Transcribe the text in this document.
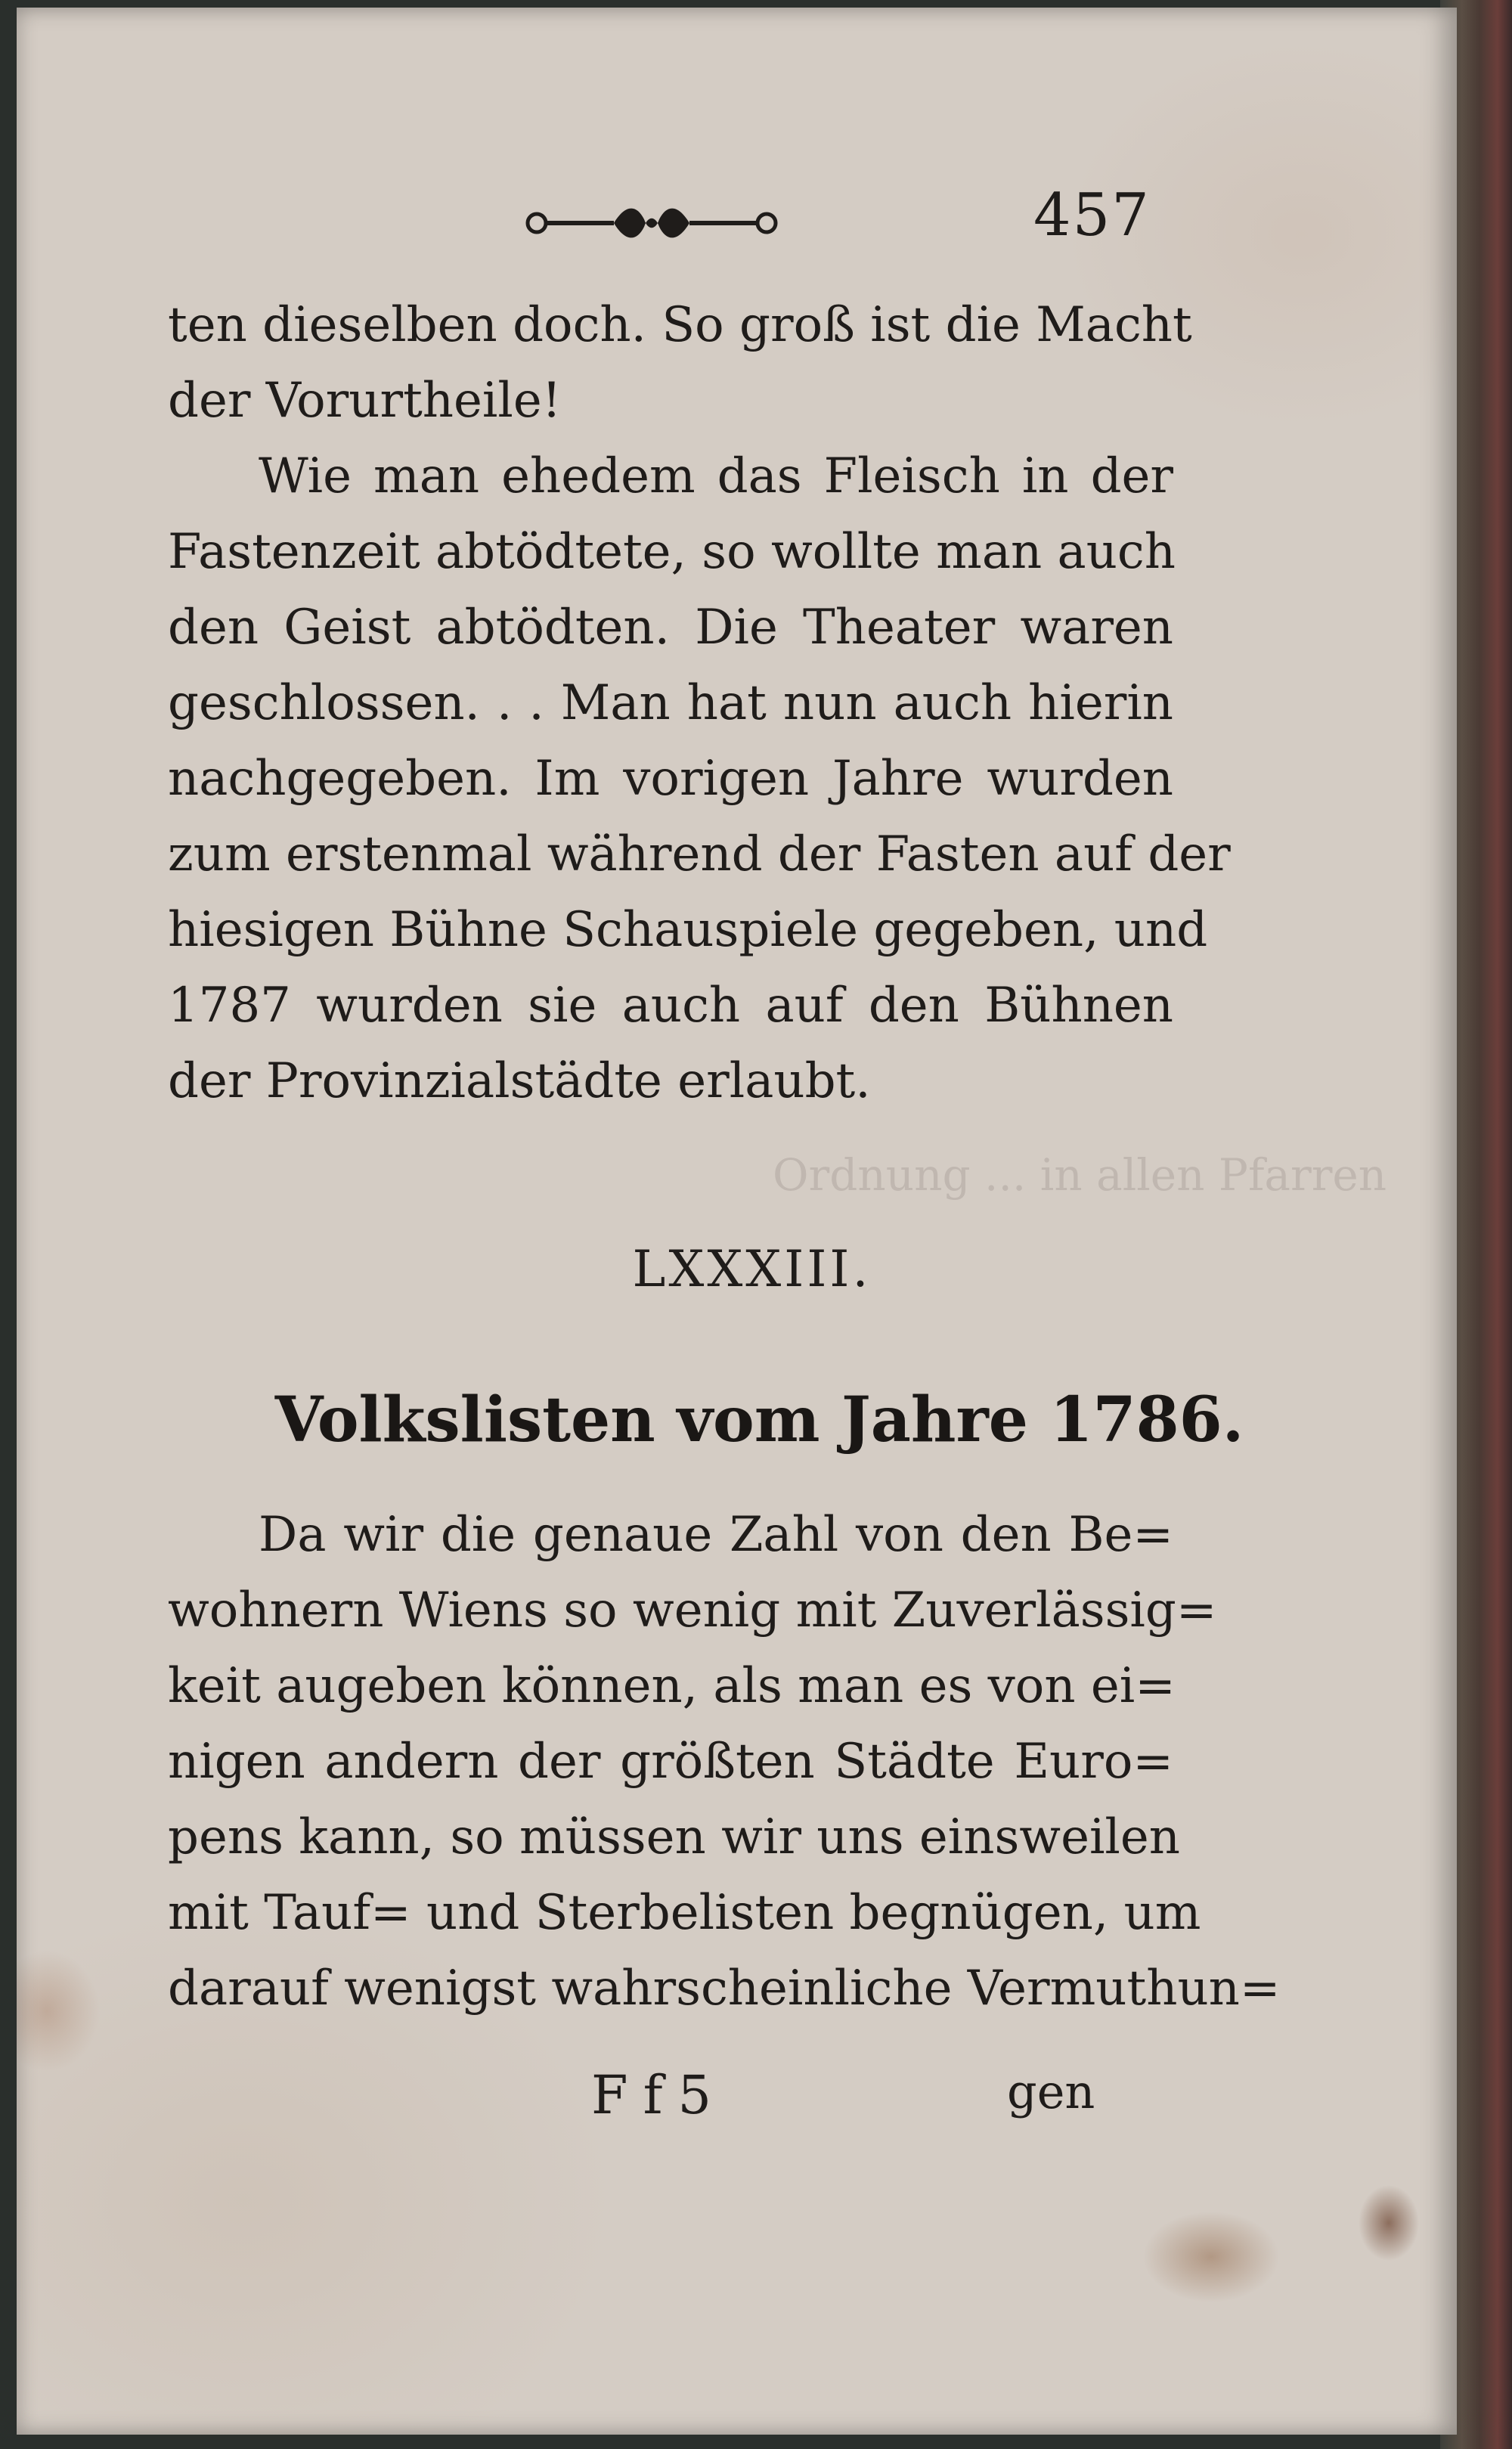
457
Ordnung ... in allen Pfarren
ten dieselben doch. So groß ist die Macht
der Vorurtheile!
Wie man ehedem das Fleisch in der
Fastenzeit abtödtete, so wollte man auch
den Geist abtödten. Die Theater waren
geschlossen. . . Man hat nun auch hierin
nachgegeben. Im vorigen Jahre wurden
zum erstenmal während der Fasten auf der
hiesigen Bühne Schauspiele gegeben, und
1787 wurden sie auch auf den Bühnen
der Provinzialstädte erlaubt.
LXXXIII.
Volkslisten vom Jahre 1786.
Da wir die genaue Zahl von den Be=
wohnern Wiens so wenig mit Zuverlässig=
keit augeben können, als man es von ei=
nigen andern der größten Städte Euro=
pens kann, so müssen wir uns einsweilen
mit Tauf= und Sterbelisten begnügen, um
darauf wenigst wahrscheinliche Vermuthun=
Ff5	gen
